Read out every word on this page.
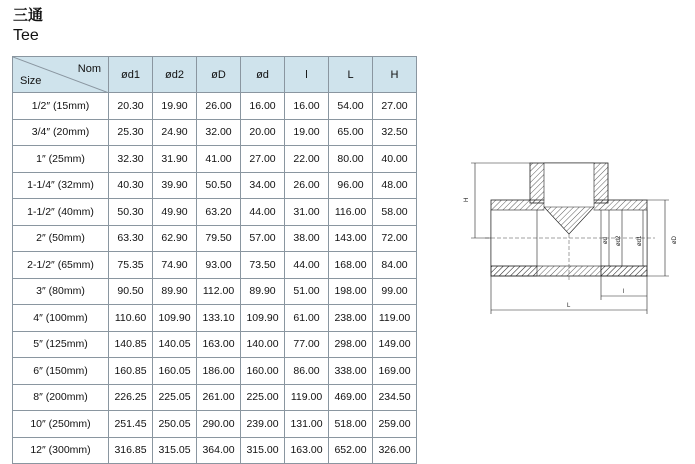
三通
Tee
Nom
Size	ød1	ød2	øD	ød	l	L	H
1/2″ (15mm)	20.30	19.90	26.00	16.00	16.00	54.00	27.00
3/4″ (20mm)	25.30	24.90	32.00	20.00	19.00	65.00	32.50
1″ (25mm)	32.30	31.90	41.00	27.00	22.00	80.00	40.00
1-1/4″ (32mm)	40.30	39.90	50.50	34.00	26.00	96.00	48.00
1-1/2″ (40mm)	50.30	49.90	63.20	44.00	31.00	116.00	58.00
2″ (50mm)	63.30	62.90	79.50	57.00	38.00	143.00	72.00
2-1/2″ (65mm)	75.35	74.90	93.00	73.50	44.00	168.00	84.00
3″ (80mm)	90.50	89.90	112.00	89.90	51.00	198.00	99.00
4″ (100mm)	110.60	109.90	133.10	109.90	61.00	238.00	119.00
5″ (125mm)	140.85	140.05	163.00	140.00	77.00	298.00	149.00
6″ (150mm)	160.85	160.05	186.00	160.00	86.00	338.00	169.00
8″ (200mm)	226.25	225.05	261.00	225.00	119.00	469.00	234.50
10″ (250mm)	251.45	250.05	290.00	239.00	131.00	518.00	259.00
12″ (300mm)	316.85	315.05	364.00	315.00	163.00	652.00	326.00
H
L
l
ød ød2	ød1	øD
